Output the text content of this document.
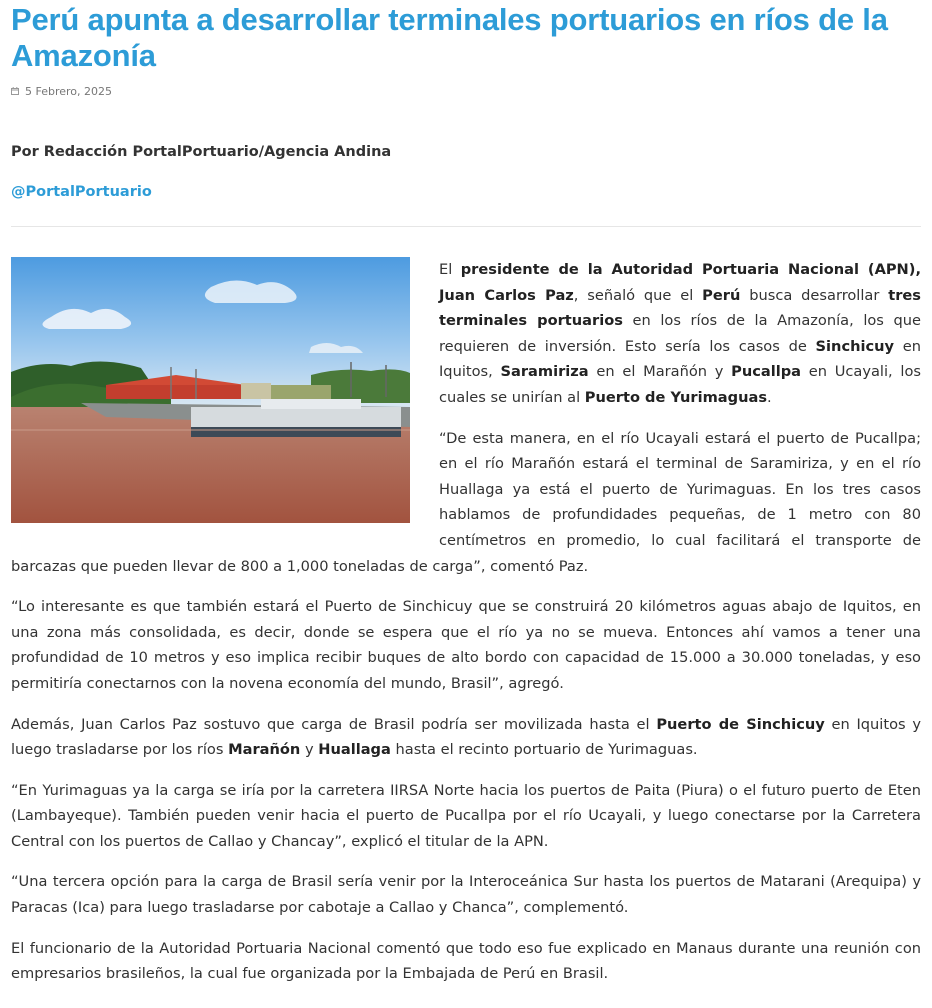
Perú apunta a desarrollar terminales portuarios en ríos de la Amazonía
5 Febrero, 2025
Por Redacción PortalPortuario/Agencia Andina
@PortalPortuario

El presidente de la Autoridad Portuaria Nacional (APN), Juan Carlos Paz, señaló que el Perú busca desarrollar tres terminales portuarios en los ríos de la Amazonía, los que requieren de inversión. Esto sería los casos de Sinchicuy en Iquitos, Saramiriza en el Marañón y Pucallpa en Ucayali, los cuales se unirían al Puerto de Yurimaguas.

“De esta manera, en el río Ucayali estará el puerto de Pucallpa; en el río Marañón estará el terminal de Saramiriza, y en el río Huallaga ya está el puerto de Yurimaguas. En los tres casos hablamos de profundidades pequeñas, de 1 metro con 80 centímetros en promedio, lo cual facilitará el transporte de barcazas que pueden llevar de 800 a 1,000 toneladas de carga”, comentó Paz.

“Lo interesante es que también estará el Puerto de Sinchicuy que se construirá 20 kilómetros aguas abajo de Iquitos, en una zona más consolidada, es decir, donde se espera que el río ya no se mueva. Entonces ahí vamos a tener una profundidad de 10 metros y eso implica recibir buques de alto bordo con capacidad de 15.000 a 30.000 toneladas, y eso permitiría conectarnos con la novena economía del mundo, Brasil”, agregó.

Además, Juan Carlos Paz sostuvo que carga de Brasil podría ser movilizada hasta el Puerto de Sinchicuy en Iquitos y luego trasladarse por los ríos Marañón y Huallaga hasta el recinto portuario de Yurimaguas.

“En Yurimaguas ya la carga se iría por la carretera IIRSA Norte hacia los puertos de Paita (Piura) o el futuro puerto de Eten (Lambayeque). También pueden venir hacia el puerto de Pucallpa por el río Ucayali, y luego conectarse por la Carretera Central con los puertos de Callao y Chancay”, explicó el titular de la APN.

“Una tercera opción para la carga de Brasil sería venir por la Interoceánica Sur hasta los puertos de Matarani (Arequipa) y Paracas (Ica) para luego trasladarse por cabotaje a Callao y Chanca”, complementó.

El funcionario de la Autoridad Portuaria Nacional comentó que todo eso fue explicado en Manaus durante una reunión con empresarios brasileños, la cual fue organizada por la Embajada de Perú en Brasil.
